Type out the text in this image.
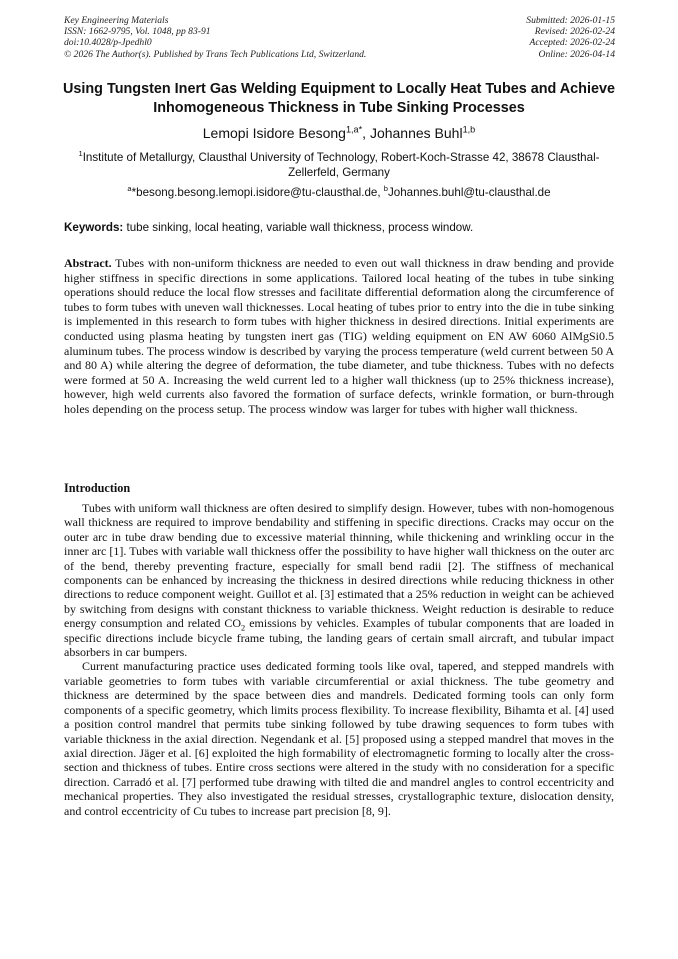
Key Engineering Materials
ISSN: 1662-9795, Vol. 1048, pp 83-91
doi:10.4028/p-Jpedhl0
© 2026 The Author(s). Published by Trans Tech Publications Ltd, Switzerland.
Submitted: 2026-01-15
Revised: 2026-02-24
Accepted: 2026-02-24
Online: 2026-04-14
Using Tungsten Inert Gas Welding Equipment to Locally Heat Tubes and Achieve Inhomogeneous Thickness in Tube Sinking Processes
Lemopi Isidore Besong$^{1,a*}$, Johannes Buhl$^{1,b}$
$^1$Institute of Metallurgy, Clausthal University of Technology, Robert-Koch-Strasse 42, 38678 Clausthal-Zellerfeld, Germany
$^a$*besong.besong.lemopi.isidore@tu-clausthal.de, $^b$Johannes.buhl@tu-clausthal.de
Keywords: tube sinking, local heating, variable wall thickness, process window.

Abstract. Tubes with non-uniform thickness are needed to even out wall thickness in draw bending and provide higher stiffness in specific directions in some applications. Tailored local heating of the tubes in tube sinking operations should reduce the local flow stresses and facilitate differential deformation along the circumference of tubes to form tubes with uneven wall thicknesses. Local heating of tubes prior to entry into the die in tube sinking is implemented in this research to form tubes with higher thickness in desired directions. Initial experiments are conducted using plasma heating by tungsten inert gas (TIG) welding equipment on EN AW 6060 AlMgSi0.5 aluminum tubes. The process window is described by varying the process temperature (weld current between 50 A and 80 A) while altering the degree of deformation, the tube diameter, and tube thickness. Tubes with no defects were formed at 50 A. Increasing the weld current led to a higher wall thickness (up to 25% thickness increase), however, high weld currents also favored the formation of surface defects, wrinkle formation, or burn-through holes depending on the process setup. The process window was larger for tubes with higher wall thickness.

Introduction

Tubes with uniform wall thickness are often desired to simplify design. However, tubes with non-homogenous wall thickness are required to improve bendability and stiffening in specific directions. Cracks may occur on the outer arc in tube draw bending due to excessive material thinning, while thickening and wrinkling occur in the inner arc [1]. Tubes with variable wall thickness offer the possibility to have higher wall thickness on the outer arc of the bend, thereby preventing fracture, especially for small bend radii [2]. The stiffness of mechanical components can be enhanced by increasing the thickness in desired directions while reducing thickness in other directions to reduce component weight. Guillot et al. [3] estimated that a 25% reduction in weight can be achieved by switching from designs with constant thickness to variable thickness. Weight reduction is desirable to reduce energy consumption and related $CO_2$ emissions by vehicles. Examples of tubular components that are loaded in specific directions include bicycle frame tubing, the landing gears of certain small aircraft, and tubular impact absorbers in car bumpers.

Current manufacturing practice uses dedicated forming tools like oval, tapered, and stepped mandrels with variable geometries to form tubes with variable circumferential or axial thickness. The tube geometry and thickness are determined by the space between dies and mandrels. Dedicated forming tools can only form components of a specific geometry, which limits process flexibility. To increase flexibility, Bihamta et al. [4] used a position control mandrel that permits tube sinking followed by tube drawing sequences to form tubes with variable thickness in the axial direction. Negendank et al. [5] proposed using a stepped mandrel that moves in the axial direction. Jäger et al. [6] exploited the high formability of electromagnetic forming to locally alter the cross-section and thickness of tubes. Entire cross sections were altered in the study with no consideration for a specific direction. Carradó et al. [7] performed tube drawing with tilted die and mandrel angles to control eccentricity and mechanical properties. They also investigated the residual stresses, crystallographic texture, dislocation density, and control eccentricity of Cu tubes to increase part precision [8, 9].
